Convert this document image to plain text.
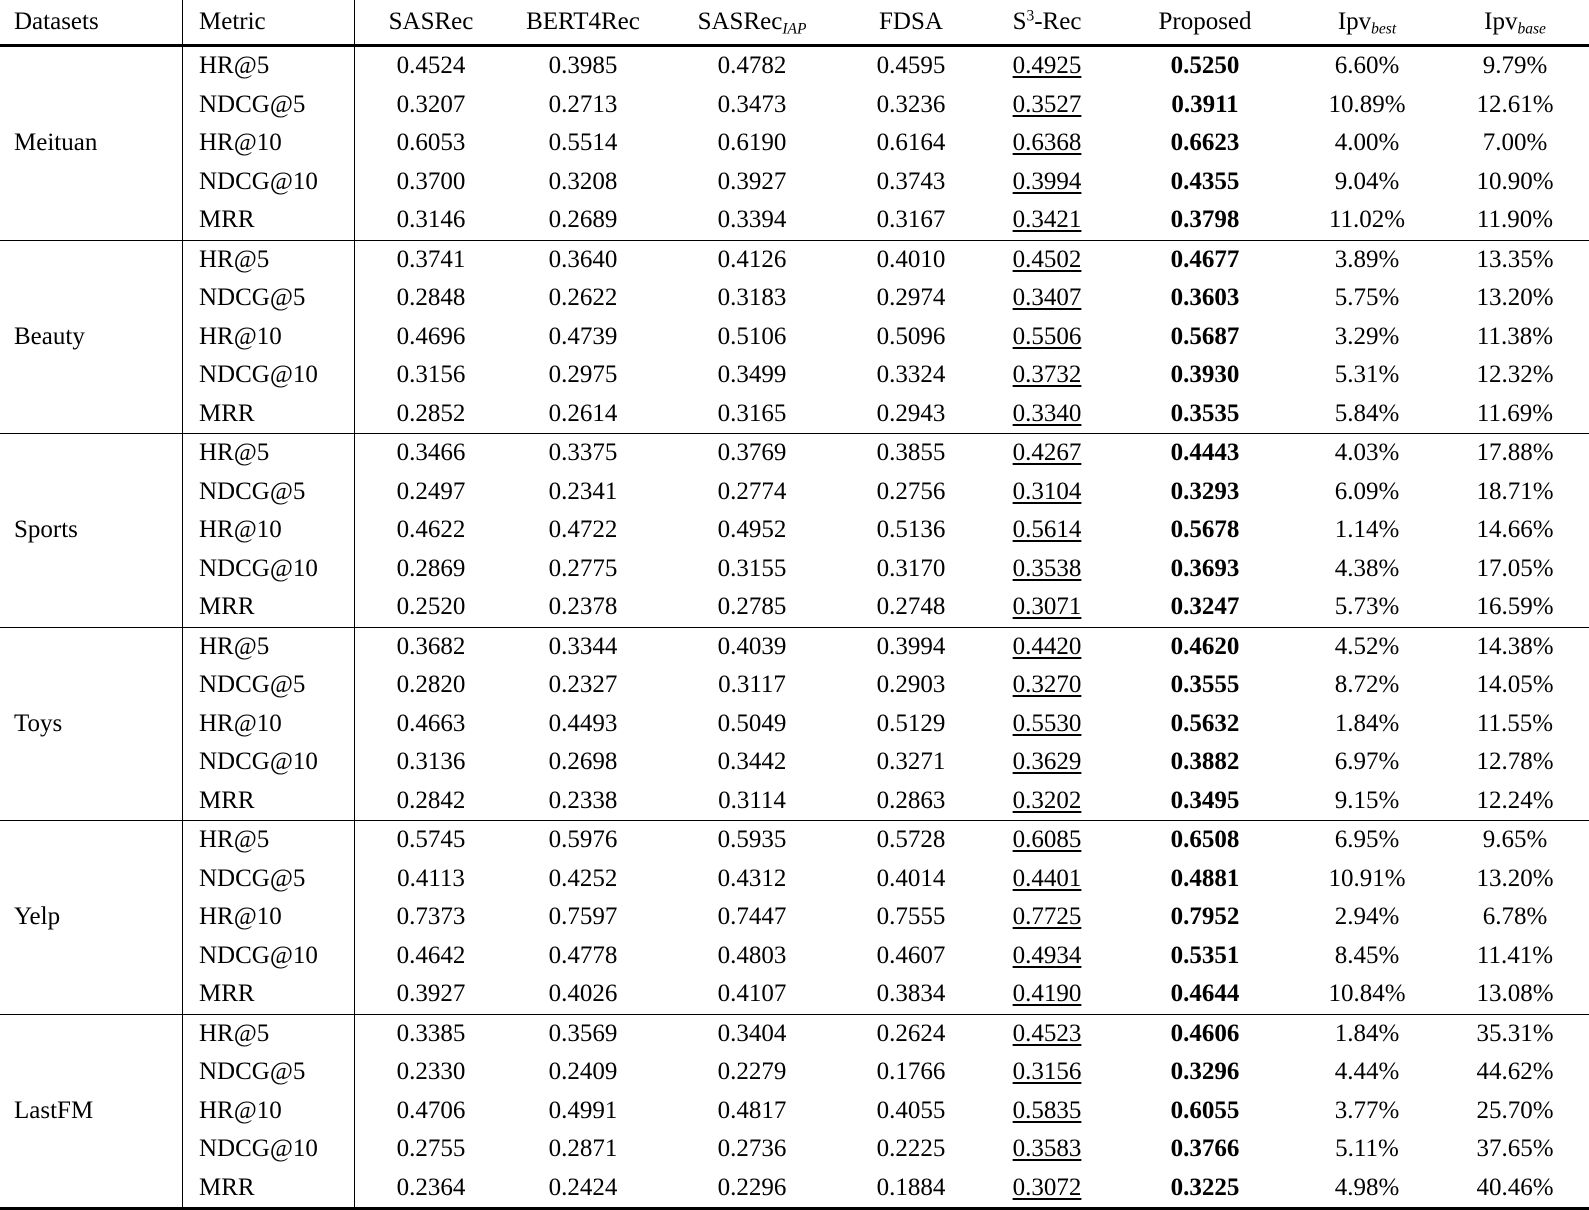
Datasets	Metric	SASRec	BERT4Rec	SASRec$_{IAP}$	FDSA	$S^3$-Rec	Proposed	Ipv$_{best}$	Ipv$_{base}$
Meituan	HR@5	0.4524	0.3985	0.4782	0.4595	0.4925	0.5250	6.60%	9.79%
	NDCG@5	0.3207	0.2713	0.3473	0.3236	0.3527	0.3911	10.89%	12.61%
	HR@10	0.6053	0.5514	0.6190	0.6164	0.6368	0.6623	4.00%	7.00%
	NDCG@10	0.3700	0.3208	0.3927	0.3743	0.3994	0.4355	9.04%	10.90%
	MRR	0.3146	0.2689	0.3394	0.3167	0.3421	0.3798	11.02%	11.90%
Beauty	HR@5	0.3741	0.3640	0.4126	0.4010	0.4502	0.4677	3.89%	13.35%
	NDCG@5	0.2848	0.2622	0.3183	0.2974	0.3407	0.3603	5.75%	13.20%
	HR@10	0.4696	0.4739	0.5106	0.5096	0.5506	0.5687	3.29%	11.38%
	NDCG@10	0.3156	0.2975	0.3499	0.3324	0.3732	0.3930	5.31%	12.32%
	MRR	0.2852	0.2614	0.3165	0.2943	0.3340	0.3535	5.84%	11.69%
Sports	HR@5	0.3466	0.3375	0.3769	0.3855	0.4267	0.4443	4.03%	17.88%
	NDCG@5	0.2497	0.2341	0.2774	0.2756	0.3104	0.3293	6.09%	18.71%
	HR@10	0.4622	0.4722	0.4952	0.5136	0.5614	0.5678	1.14%	14.66%
	NDCG@10	0.2869	0.2775	0.3155	0.3170	0.3538	0.3693	4.38%	17.05%
	MRR	0.2520	0.2378	0.2785	0.2748	0.3071	0.3247	5.73%	16.59%
Toys	HR@5	0.3682	0.3344	0.4039	0.3994	0.4420	0.4620	4.52%	14.38%
	NDCG@5	0.2820	0.2327	0.3117	0.2903	0.3270	0.3555	8.72%	14.05%
	HR@10	0.4663	0.4493	0.5049	0.5129	0.5530	0.5632	1.84%	11.55%
	NDCG@10	0.3136	0.2698	0.3442	0.3271	0.3629	0.3882	6.97%	12.78%
	MRR	0.2842	0.2338	0.3114	0.2863	0.3202	0.3495	9.15%	12.24%
Yelp	HR@5	0.5745	0.5976	0.5935	0.5728	0.6085	0.6508	6.95%	9.65%
	NDCG@5	0.4113	0.4252	0.4312	0.4014	0.4401	0.4881	10.91%	13.20%
	HR@10	0.7373	0.7597	0.7447	0.7555	0.7725	0.7952	2.94%	6.78%
	NDCG@10	0.4642	0.4778	0.4803	0.4607	0.4934	0.5351	8.45%	11.41%
	MRR	0.3927	0.4026	0.4107	0.3834	0.4190	0.4644	10.84%	13.08%
LastFM	HR@5	0.3385	0.3569	0.3404	0.2624	0.4523	0.4606	1.84%	35.31%
	NDCG@5	0.2330	0.2409	0.2279	0.1766	0.3156	0.3296	4.44%	44.62%
	HR@10	0.4706	0.4991	0.4817	0.4055	0.5835	0.6055	3.77%	25.70%
	NDCG@10	0.2755	0.2871	0.2736	0.2225	0.3583	0.3766	5.11%	37.65%
	MRR	0.2364	0.2424	0.2296	0.1884	0.3072	0.3225	4.98%	40.46%
